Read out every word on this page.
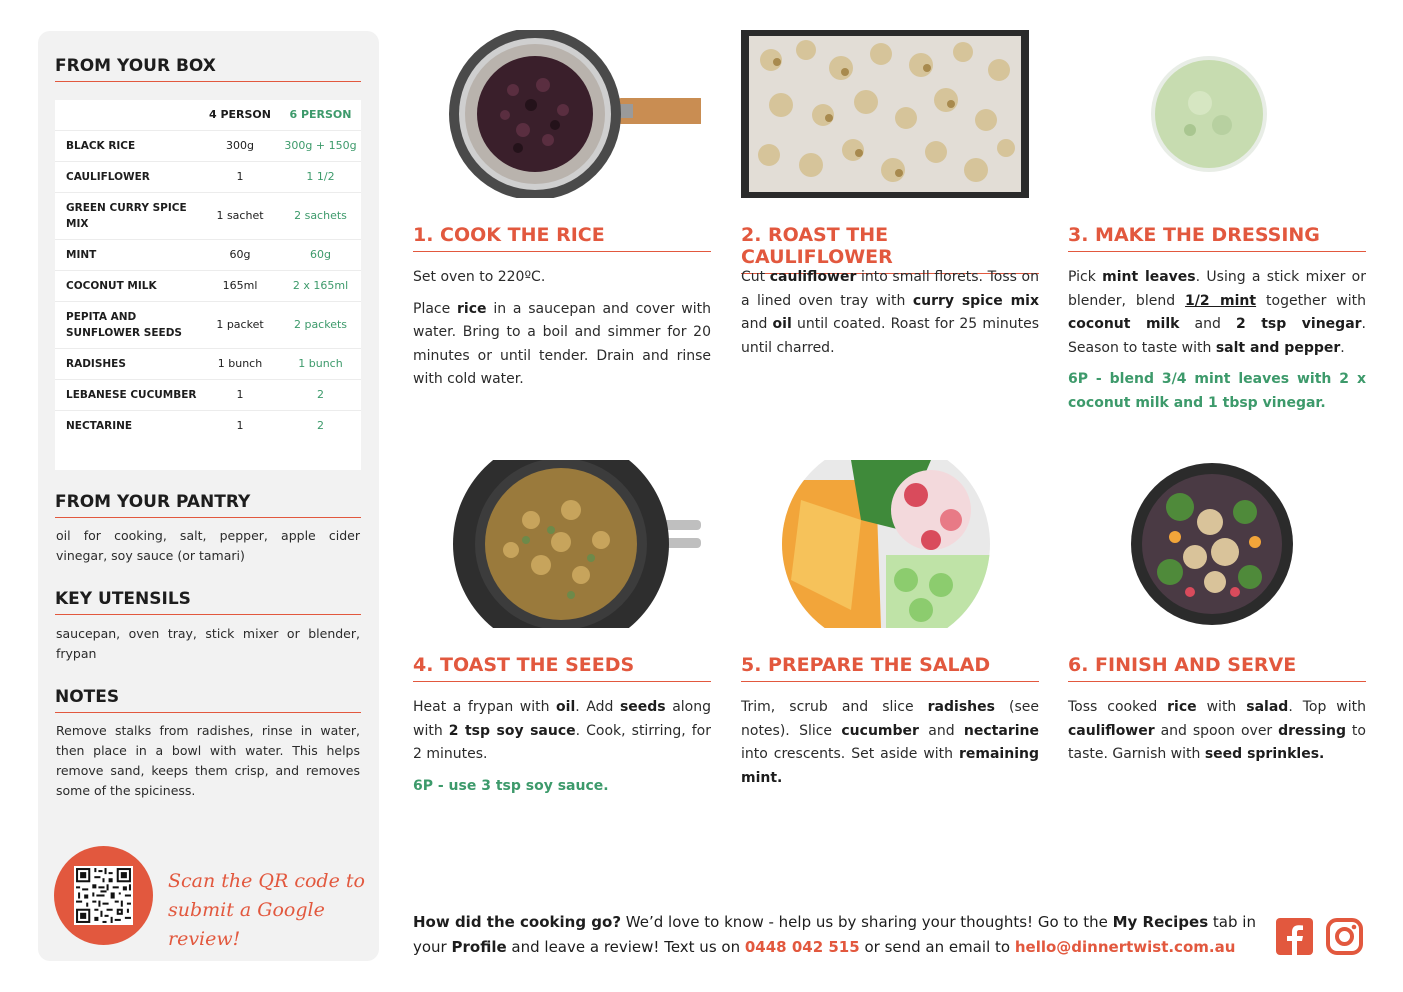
FROM YOUR BOX
	4 PERSON	6 PERSON
BLACK RICE	300g	300g + 150g
CAULIFLOWER	1	1 1/2
GREEN CURRY SPICE MIX	1 sachet	2 sachets
MINT	60g	60g
COCONUT MILK	165ml	2 x 165ml
PEPITA AND SUNFLOWER SEEDS	1 packet	2 packets
RADISHES	1 bunch	1 bunch
LEBANESE CUCUMBER	1	2
NECTARINE	1	2
FROM YOUR PANTRY
oil for cooking, salt, pepper, apple cider vinegar, soy sauce (or tamari)
KEY UTENSILS
saucepan, oven tray, stick mixer or blender, frypan
NOTES
Remove stalks from radishes, rinse in water, then place in a bowl with water. This helps remove sand, keeps them crisp, and removes some of the spiciness.
Scan the QR code to
submit a Google review!
1. COOK THE RICE

Set oven to 220ºC.

Place rice in a saucepan and cover with water. Bring to a boil and simmer for 20 minutes or until tender. Drain and rinse with cold water.

2. ROAST THE CAULIFLOWER

Cut cauliflower into small florets. Toss on a lined oven tray with curry spice mix and oil until coated. Roast for 25 minutes until charred.

3. MAKE THE DRESSING

Pick mint leaves. Using a stick mixer or blender, blend 1/2 mint together with coconut milk and 2 tsp vinegar. Season to taste with salt and pepper.

6P - blend 3/4 mint leaves with 2 x coconut milk and 1 tbsp vinegar.

4. TOAST THE SEEDS

Heat a frypan with oil. Add seeds along with 2 tsp soy sauce. Cook, stirring, for 2 minutes.

6P - use 3 tsp soy sauce.

5. PREPARE THE SALAD

Trim, scrub and slice radishes (see notes). Slice cucumber and nectarine into crescents. Set aside with remaining mint.

6. FINISH AND SERVE

Toss cooked rice with salad. Top with cauliflower and spoon over dressing to taste. Garnish with seed sprinkles.

How did the cooking go? We’d love to know - help us by sharing your thoughts! Go to the My Recipes tab in your Profile and leave a review! Text us on 0448 042 515 or send an email to hello@dinnertwist.com.au
